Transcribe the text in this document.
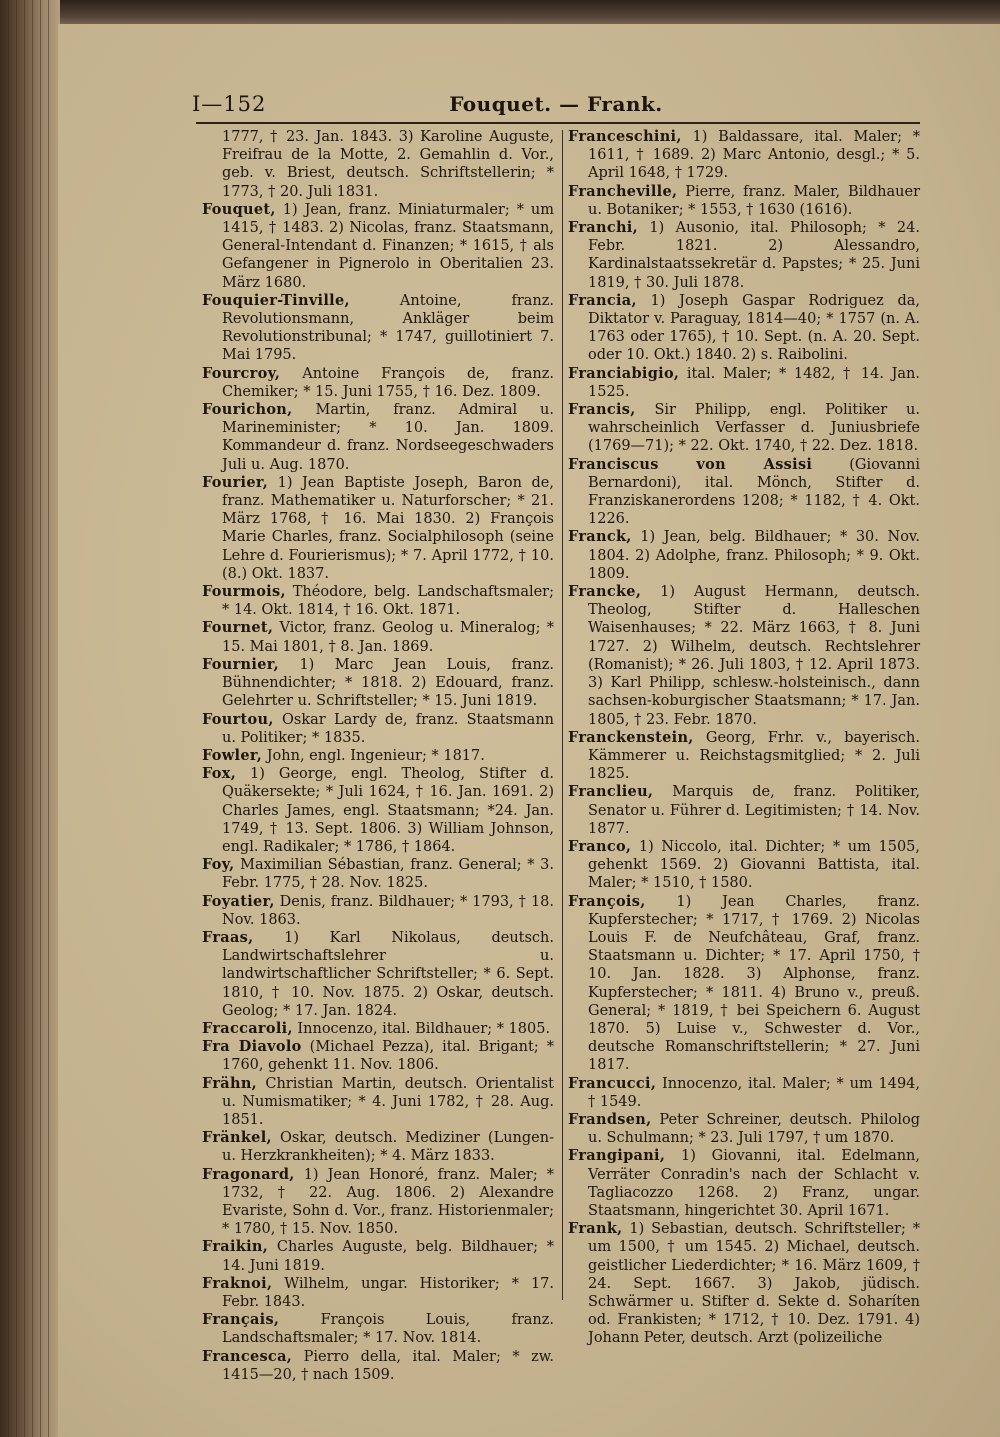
I—152	Fouquet. — Frank.

1777, † 23. Jan. 1843. 3) Karoline Auguste, Freifrau de la Motte, 2. Gemahlin d. Vor., geb. v. Briest, deutsch. Schriftstellerin; * 1773, † 20. Juli 1831.

Fouquet, 1) Jean, franz. Miniaturmaler; * um 1415, † 1483. 2) Nicolas, franz. Staatsmann, General-Intendant d. Finanzen; * 1615, † als Gefangener in Pignerolo in Oberitalien 23. März 1680.

Fouquier-Tinville,	Antoine, franz. Revolutionsmann, Ankläger beim Revolutionstribunal; * 1747, guillotiniert 7. Mai 1795.

Fourcroy, Antoine François de, franz. Chemiker; * 15. Juni 1755, † 16. Dez. 1809.

Fourichon, Martin, franz. Admiral u. Marineminister; * 10. Jan. 1809. Kommandeur d. franz. Nordseegeschwaders Juli u. Aug. 1870.

Fourier, 1) Jean Baptiste Joseph, Baron de, franz. Mathematiker u. Naturforscher; * 21. März 1768, † 16. Mai 1830. 2) François Marie Charles, franz. Socialphilosoph (seine Lehre d. Fourierismus); * 7. April 1772, † 10. (8.) Okt. 1837.

Fourmois, Théodore, belg. Landschaftsmaler; * 14. Okt. 1814, † 16. Okt. 1871.

Fournet, Victor, franz. Geolog u. Mineralog; * 15. Mai 1801, † 8. Jan. 1869.

Fournier, 1) Marc Jean Louis, franz. Bühnendichter; * 1818. 2) Edouard, franz. Gelehrter u. Schriftsteller; * 15. Juni 1819.

Fourtou, Oskar Lardy de, franz. Staatsmann u. Politiker; * 1835.

Fowler, John, engl. Ingenieur; * 1817.

Fox, 1) George, engl. Theolog, Stifter d. Quäkersekte; * Juli 1624, † 16. Jan. 1691. 2) Charles James, engl. Staatsmann; *24. Jan. 1749, † 13. Sept. 1806. 3) William Johnson, engl. Radikaler; * 1786, † 1864.

Foy, Maximilian Sébastian, franz. General; * 3. Febr. 1775, † 28. Nov. 1825.

Foyatier, Denis, franz. Bildhauer; * 1793, † 18. Nov. 1863.

Fraas, 1) Karl Nikolaus, deutsch. Landwirtschaftslehrer u. landwirtschaftlicher Schriftsteller; * 6. Sept. 1810, † 10. Nov. 1875. 2) Oskar, deutsch. Geolog; * 17. Jan. 1824.

Fraccaroli, Innocenzo, ital. Bildhauer; * 1805.

Fra Diavolo (Michael Pezza), ital. Brigant; * 1760, gehenkt 11. Nov. 1806.

Frähn, Christian Martin, deutsch. Orientalist u. Numismatiker; * 4. Juni 1782, † 28. Aug. 1851.

Fränkel, Oskar, deutsch. Mediziner (Lungen- u. Herzkrankheiten); * 4. März 1833.

Fragonard, 1) Jean Honoré, franz. Maler; * 1732, † 22. Aug. 1806. 2) Alexandre Evariste, Sohn d. Vor., franz. Historienmaler; * 1780, † 15. Nov. 1850.

Fraikin, Charles Auguste, belg. Bildhauer; * 14. Juni 1819.

Fraknoi, Wilhelm, ungar. Historiker; * 17. Febr. 1843.

Français,	François Louis, franz. Landschaftsmaler; * 17. Nov. 1814.

Francesca, Pierro della, ital. Maler; * zw. 1415—20, † nach 1509.

Franceschini, 1) Baldassare, ital. Maler; * 1611, † 1689. 2) Marc Antonio, desgl.; * 5. April 1648, † 1729.

Francheville, Pierre, franz. Maler, Bildhauer u. Botaniker; * 1553, † 1630 (1616).

Franchi, 1) Ausonio, ital. Philosoph; * 24. Febr. 1821. 2) Alessandro, Kardinalstaatssekretär d. Papstes; * 25. Juni 1819, † 30. Juli 1878.

Francia, 1) Joseph Gaspar Rodriguez da, Diktator v. Paraguay, 1814—40; * 1757 (n. A. 1763 oder 1765), † 10. Sept. (n. A. 20. Sept. oder 10. Okt.) 1840. 2) s. Raibolini.

Franciabigio, ital. Maler; * 1482, † 14. Jan. 1525.

Francis, Sir Philipp, engl. Politiker u. wahrscheinlich Verfasser d. Juniusbriefe (1769—71); * 22. Okt. 1740, † 22. Dez. 1818.

Franciscus von Assisi	(Giovanni Bernardoni), ital. Mönch, Stifter d. Franziskanerordens 1208; * 1182, † 4. Okt. 1226.

Franck, 1) Jean, belg. Bildhauer; * 30. Nov. 1804. 2) Adolphe, franz. Philosoph; * 9. Okt. 1809.

Francke, 1) August Hermann, deutsch. Theolog, Stifter d. Halleschen Waisenhauses; * 22. März 1663, † 8. Juni 1727. 2) Wilhelm, deutsch. Rechtslehrer (Romanist); * 26. Juli 1803, † 12. April 1873. 3) Karl Philipp, schlesw.-holsteinisch., dann sachsen-koburgischer Staatsmann; * 17. Jan. 1805, † 23. Febr. 1870.

Franckenstein, Georg, Frhr. v., bayerisch. Kämmerer u. Reichstagsmitglied; * 2. Juli 1825.

Franclieu, Marquis de, franz. Politiker, Senator u. Führer d. Legitimisten; † 14. Nov. 1877.

Franco, 1) Niccolo, ital. Dichter; * um 1505, gehenkt 1569. 2) Giovanni Battista, ital. Maler; * 1510, † 1580.

François, 1) Jean Charles, franz. Kupferstecher; * 1717, † 1769. 2) Nicolas Louis F. de Neufchâteau, Graf, franz. Staatsmann u. Dichter; * 17. April 1750, † 10. Jan. 1828. 3) Alphonse, franz. Kupferstecher; * 1811. 4) Bruno v., preuß. General; * 1819, † bei Speichern 6. August 1870. 5) Luise v., Schwester d. Vor., deutsche Romanschriftstellerin; * 27. Juni 1817.

Francucci, Innocenzo, ital. Maler; * um 1494, † 1549.

Frandsen, Peter Schreiner, deutsch. Philolog u. Schulmann; * 23. Juli 1797, † um 1870.

Frangipani, 1) Giovanni, ital. Edelmann, Verräter Conradin's nach der Schlacht v. Tagliacozzo 1268. 2) Franz, ungar. Staatsmann, hingerichtet 30. April 1671.

Frank, 1) Sebastian, deutsch. Schriftsteller; * um 1500, † um 1545. 2) Michael, deutsch. geistlicher Liederdichter; * 16. März 1609, † 24. Sept. 1667. 3) Jakob, jüdisch. Schwärmer u. Stifter d. Sekte d. Soharíten od. Frankisten; * 1712, † 10. Dez. 1791. 4) Johann Peter, deutsch. Arzt (polizeiliche
